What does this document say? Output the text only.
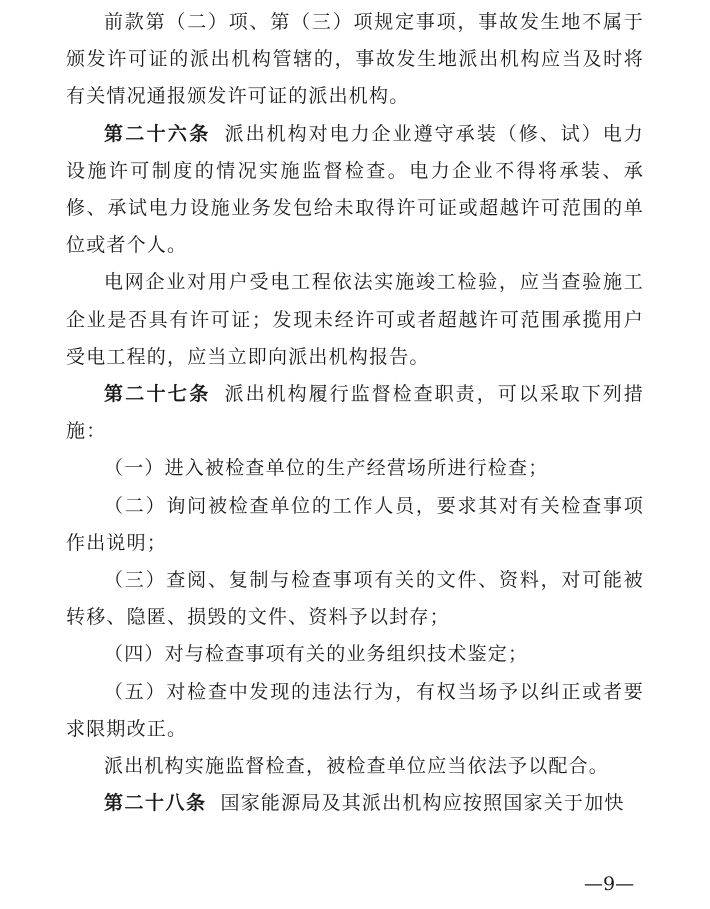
前款第（二）项、第（三）项规定事项，事故发生地不属于颁发许可证的派出机构管辖的，事故发生地派出机构应当及时将有关情况通报颁发许可证的派出机构。

第二十六条 派出机构对电力企业遵守承装（修、试）电力设施许可制度的情况实施监督检查。电力企业不得将承装、承修、承试电力设施业务发包给未取得许可证或超越许可范围的单位或者个人。

电网企业对用户受电工程依法实施竣工检验，应当查验施工企业是否具有许可证；发现未经许可或者超越许可范围承揽用户受电工程的，应当立即向派出机构报告。

第二十七条 派出机构履行监督检查职责，可以采取下列措施：

（一）进入被检查单位的生产经营场所进行检查；

（二）询问被检查单位的工作人员，要求其对有关检查事项作出说明；

（三）查阅、复制与检查事项有关的文件、资料，对可能被转移、隐匿、损毁的文件、资料予以封存；

（四）对与检查事项有关的业务组织技术鉴定；

（五）对检查中发现的违法行为，有权当场予以纠正或者要求限期改正。

派出机构实施监督检查，被检查单位应当依法予以配合。

第二十八条 国家能源局及其派出机构应按照国家关于加快

—9—
